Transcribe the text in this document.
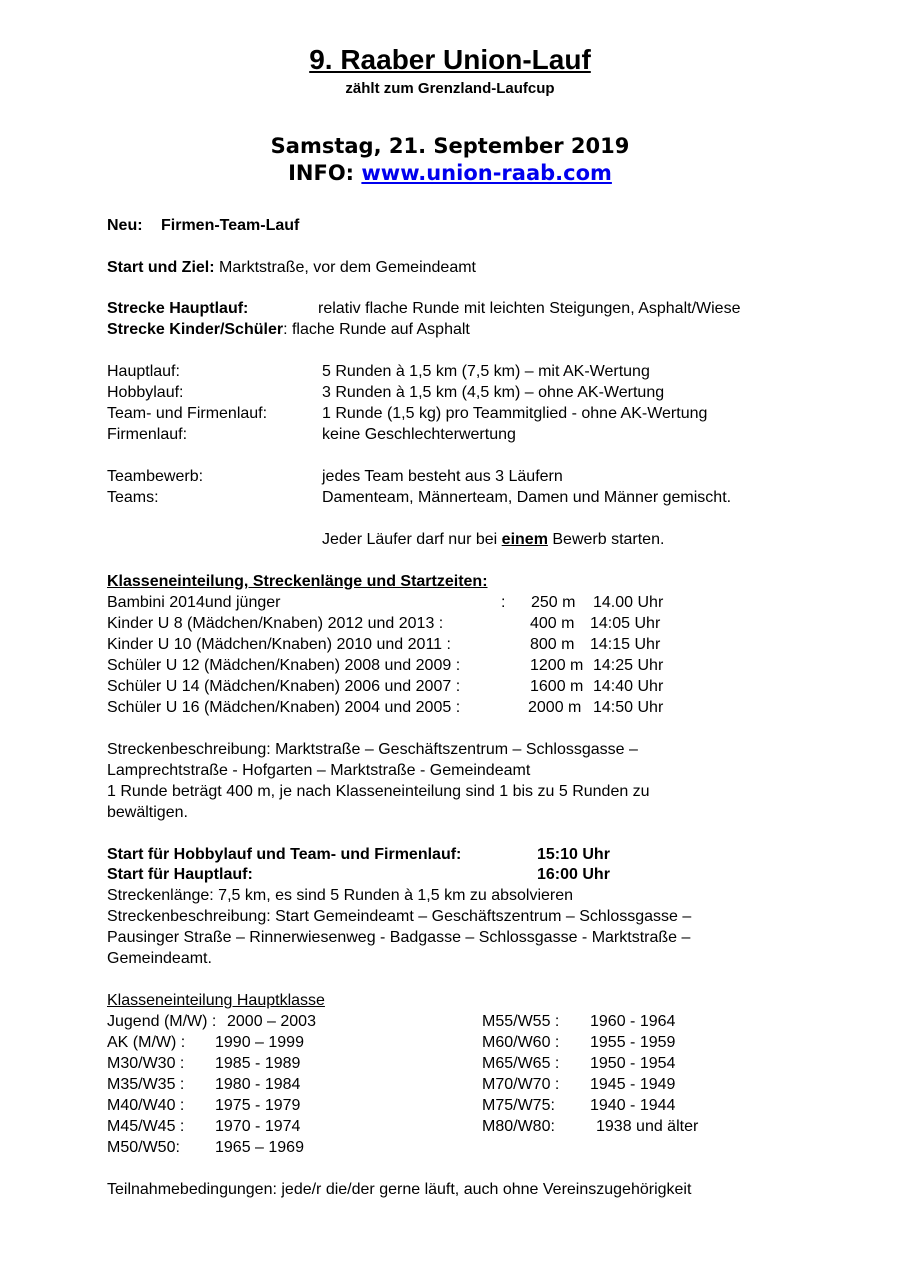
9. Raaber Union-Lauf
zählt zum Grenzland-Laufcup
Samstag, 21. September 2019
INFO: www.union-raab.com
Neu: Firmen-Team-Lauf
Start und Ziel: Marktstraße, vor dem Gemeindeamt
Strecke Hauptlauf:	relativ flache Runde mit leichten Steigungen, Asphalt/Wiese
Strecke Kinder/Schüler: flache Runde auf Asphalt
Hauptlauf:	5 Runden à 1,5 km (7,5 km) – mit AK-Wertung
Hobbylauf:	3 Runden à 1,5 km (4,5 km) – ohne AK-Wertung
Team- und Firmenlauf:	1 Runde (1,5 kg) pro Teammitglied - ohne AK-Wertung
Firmenlauf:	keine Geschlechterwertung
Teambewerb:	jedes Team besteht aus 3 Läufern
Teams:	Damenteam, Männerteam, Damen und Männer gemischt.
Jeder Läufer darf nur bei einem Bewerb starten.
Klasseneinteilung, Streckenlänge und Startzeiten:
Bambini 2014und jünger	: 250 m 14.00 Uhr
Kinder U 8 (Mädchen/Knaben) 2012 und 2013 :	400 m 14:05 Uhr
Kinder U 10 (Mädchen/Knaben) 2010 und 2011 :	800 m 14:15 Uhr
Schüler U 12 (Mädchen/Knaben) 2008 und 2009 :	1200 m 14:25 Uhr
Schüler U 14 (Mädchen/Knaben) 2006 und 2007 :	1600 m 14:40 Uhr
Schüler U 16 (Mädchen/Knaben) 2004 und 2005 :	2000 m 14:50 Uhr
Streckenbeschreibung: Marktstraße – Geschäftszentrum – Schlossgasse –
Lamprechtstraße - Hofgarten – Marktstraße - Gemeindeamt
1 Runde beträgt 400 m, je nach Klasseneinteilung sind 1 bis zu 5 Runden zu
bewältigen.
Start für Hobbylauf und Team- und Firmenlauf:	15:10 Uhr
Start für Hauptlauf:	16:00 Uhr
Streckenlänge: 7,5 km, es sind 5 Runden à 1,5 km zu absolvieren
Streckenbeschreibung: Start Gemeindeamt – Geschäftszentrum – Schlossgasse –
Pausinger Straße – Rinnerwiesenweg - Badgasse – Schlossgasse - Marktstraße –
Gemeindeamt.
Klasseneinteilung Hauptklasse
Jugend (M/W) : 2000 – 2003
AK (M/W) : 1990 – 1999
M30/W30 : 1985 - 1989
M35/W35 : 1980 - 1984
M40/W40 : 1975 - 1979
M45/W45 : 1970 - 1974
M50/W50: 1965 – 1969
M55/W55 : 1960 - 1964
M60/W60 : 1955 - 1959
M65/W65 : 1950 - 1954
M70/W70 : 1945 - 1949
M75/W75: 1940 - 1944
M80/W80:	1938 und älter
Teilnahmebedingungen: jede/r die/der gerne läuft, auch ohne Vereinszugehörigkeit
